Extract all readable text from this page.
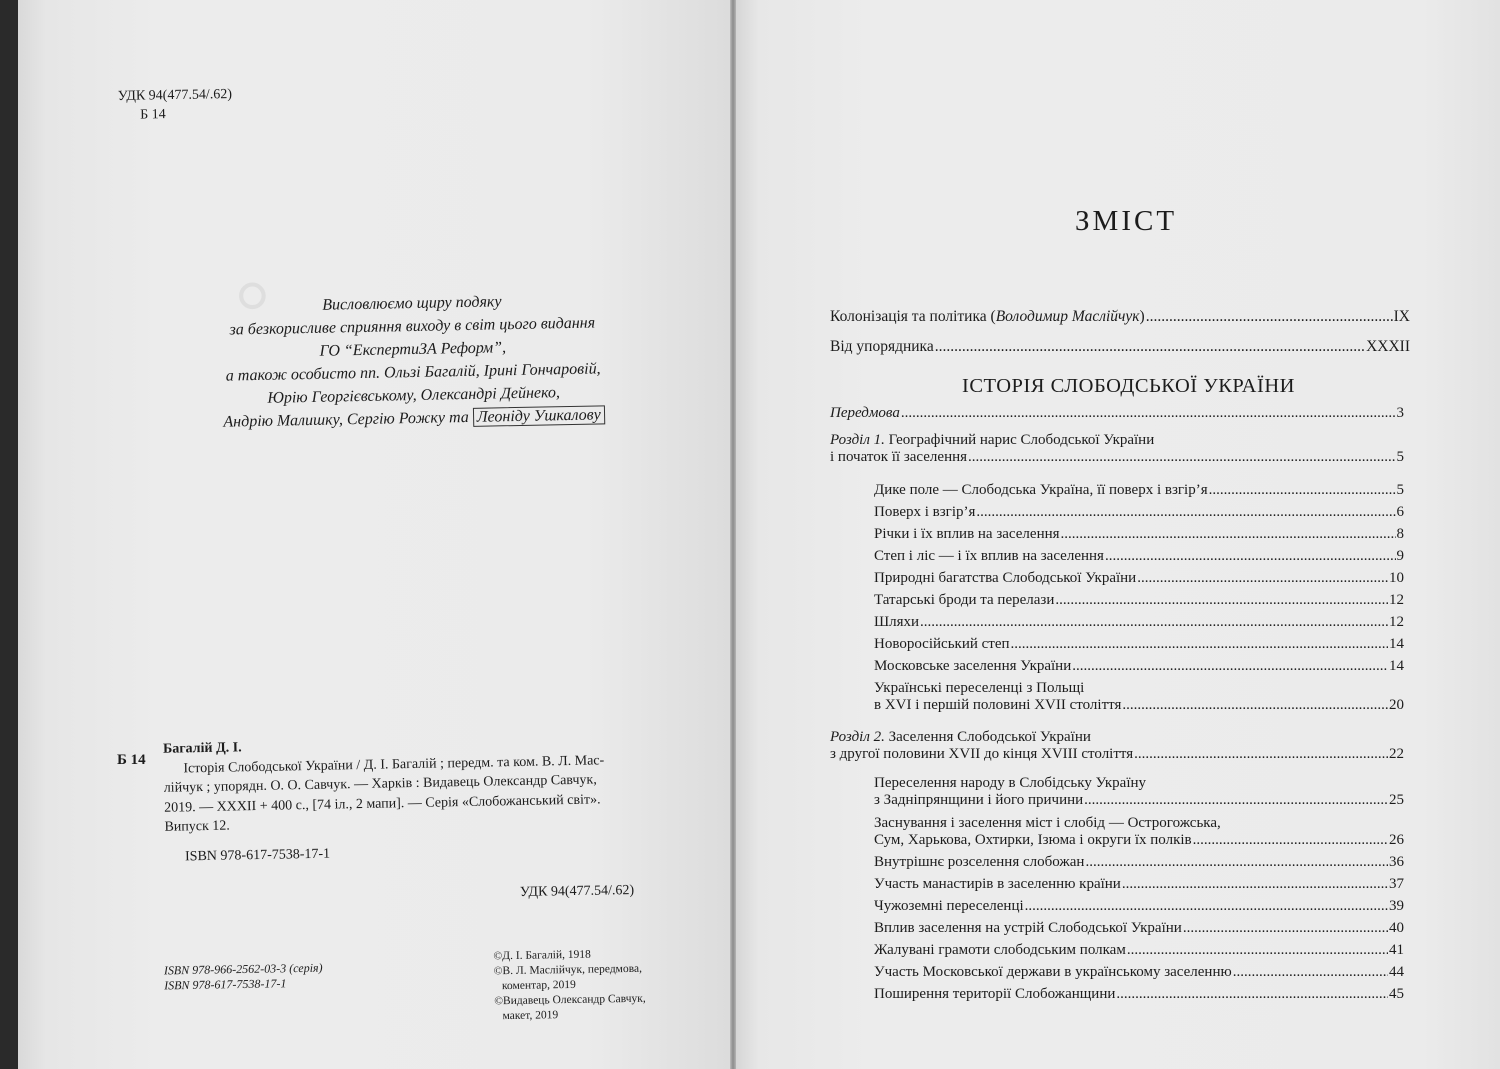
◦
УДК 94(477.54/.62)
Б 14
Висловлюємо щиру подяку
за безкорисливе сприяння виходу в світ цього видання
ГО “ЕкспертиЗА Реформ”,
а також особисто пп. Ользі Багалій, Ірині Гончаровій,
Юрію Георгієвському, Олександрі Дейнеко,
Андрію Малишку, Сергію Рожку та Леоніду Ушкалову
Б 14
Багалій Д. І.
Історія Слободської України / Д. І. Багалій ; передм. та ком. В. Л. Мас-
лійчук ; упорядн. О. О. Савчук. — Харків : Видавець Олександр Савчук,
2019. — XXXII + 400 с., [74 іл., 2 мапи]. — Серія «Слобожанський світ».
Випуск 12.
ISBN 978-617-7538-17-1
УДК 94(477.54/.62)
ISBN 978-966-2562-03-3 (серія)
ISBN 978-617-7538-17-1
©Д. І. Багалій, 1918
©В. Л. Маслійчук, передмова,
коментар, 2019
©Видавець Олександр Савчук,
макет, 2019
ЗМІСТ
Колонізація та політика (Володимир Маслійчук) .....	IX
Від упорядника .....	XXXII
ІСТОРІЯ СЛОБОДСЬКОЇ УКРАЇНИ
Передмова .....	3
Розділ 1. Географічний нарис Слободської України
і початок її заселення .....	5
Дике поле — Слободська Україна, її поверх і взгір’я .....	5
Поверх і взгір’я .....	6
Річки і їх вплив на заселення .....	8
Степ і ліс — і їх вплив на заселення .....	9
Природні багатства Слободської України .....	10
Татарські броди та перелази .....	12
Шляхи .....	12
Новоросійський степ .....	14
Московське заселення України .....	14
Українські переселенці з Польщі
в XVI і першій половині XVII століття .....	20
Розділ 2. Заселення Слободської України
з другої половини XVII до кінця XVIII століття .....	22
Переселення народу в Слобідську Україну
з Задніпрянщини і його причини .....	25
Заснування і заселення міст і слобід — Острогожська,
Сум, Харькова, Охтирки, Ізюма і округи їх полків .....	26
Внутрішнє розселення слобожан .....	36
Участь манастирів в заселенню країни .....	37
Чужоземні переселенці .....	39
Вплив заселення на устрій Слободської України .....	40
Жалувані грамоти слободським полкам .....	41
Участь Московської держави в українському заселенню .....	44
Поширення території Слобожанщини .....	45
